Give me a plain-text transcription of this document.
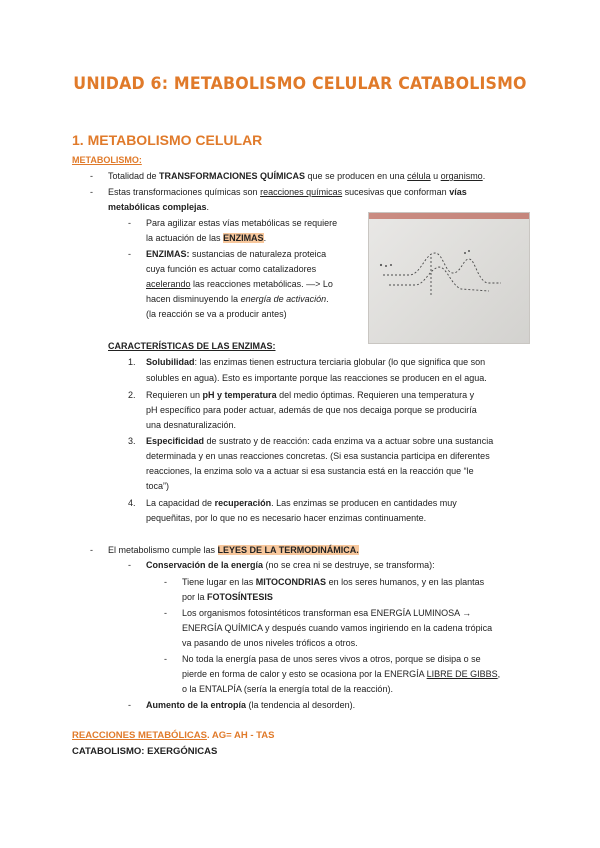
UNIDAD 6: METABOLISMO CELULAR CATABOLISMO
1. METABOLISMO CELULAR
METABOLISMO:
- Totalidad de TRANSFORMACIONES QUÍMICAS que se producen en una célula u organismo.
- Estas transformaciones químicas son reacciones químicas sucesivas que conforman vías
metabólicas complejas.
- Para agilizar estas vías metabólicas se requiere
la actuación de las ENZIMAS.
- ENZIMAS: sustancias de naturaleza proteica
cuya función es actuar como catalizadores
acelerando las reacciones metabólicas. —> Lo
hacen disminuyendo la energía de activación.
(la reacción se va a producir antes)
CARACTERÍSTICAS DE LAS ENZIMAS:
1. Solubilidad: las enzimas tienen estructura terciaria globular (lo que significa que son
solubles en agua). Esto es importante porque las reacciones se producen en el agua.
2. Requieren un pH y temperatura del medio óptimas. Requieren una temperatura y
pH específico para poder actuar, además de que nos decaiga porque se produciría
una desnaturalización.
3. Especificidad de sustrato y de reacción: cada enzima va a actuar sobre una sustancia
determinada y en unas reacciones concretas. (Si esa sustancia participa en diferentes
reacciones, la enzima solo va a actuar si esa sustancia está en la reacción que “le
toca”)
4. La capacidad de recuperación. Las enzimas se producen en cantidades muy
pequeñitas, por lo que no es necesario hacer enzimas continuamente.
- El metabolismo cumple las LEYES DE LA TERMODINÁMICA.
- Conservación de la energía (no se crea ni se destruye, se transforma):
- Tiene lugar en las MITOCONDRIAS en los seres humanos, y en las plantas
por la FOTOSÍNTESIS
- Los organismos fotosintéticos transforman esa ENERGÍA LUMINOSA →
ENERGÍA QUÍMICA y después cuando vamos ingiriendo en la cadena trópica
va pasando de unos niveles tróficos a otros.
- No toda la energía pasa de unos seres vivos a otros, porque se disipa o se
pierde en forma de calor y esto se ocasiona por la ENERGÍA LIBRE DE GIBBS,
o la ENTALPÍA (sería la energía total de la reacción).
- Aumento de la entropía (la tendencia al desorden).
REACCIONES METABÓLICAS. AG= AH - TAS
CATABOLISMO: EXERGÓNICAS
